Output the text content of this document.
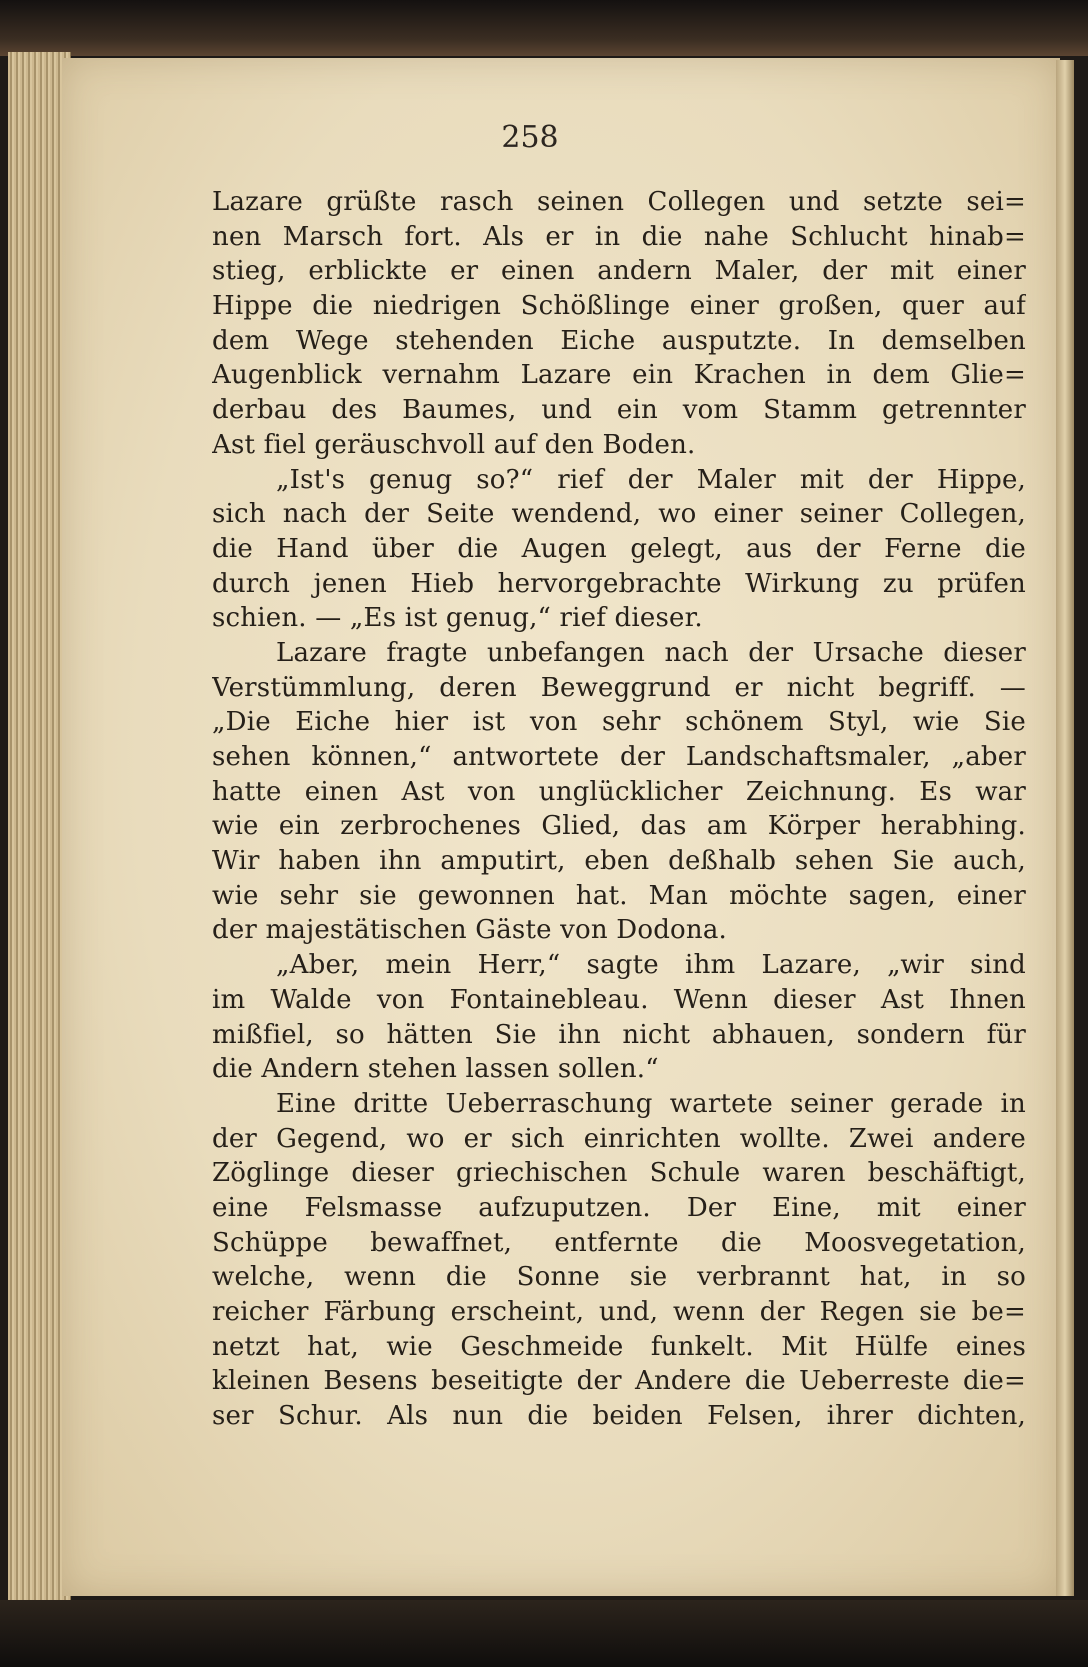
258
Lazare grüßte rasch seinen Collegen und setzte sei=
nen Marsch fort. Als er in die nahe Schlucht hinab=
stieg, erblickte er einen andern Maler, der mit einer
Hippe die niedrigen Schößlinge einer großen, quer auf
dem Wege stehenden Eiche ausputzte. In demselben
Augenblick vernahm Lazare ein Krachen in dem Glie=
derbau des Baumes, und ein vom Stamm getrennter
Ast fiel geräuschvoll auf den Boden.
„Ist's genug so?“ rief der Maler mit der Hippe,
sich nach der Seite wendend, wo einer seiner Collegen,
die Hand über die Augen gelegt, aus der Ferne die
durch jenen Hieb hervorgebrachte Wirkung zu prüfen
schien. — „Es ist genug,“ rief dieser.
Lazare fragte unbefangen nach der Ursache dieser
Verstümmlung, deren Beweggrund er nicht begriff. —
„Die Eiche hier ist von sehr schönem Styl, wie Sie
sehen können,“ antwortete der Landschaftsmaler, „aber
hatte einen Ast von unglücklicher Zeichnung. Es war
wie ein zerbrochenes Glied, das am Körper herabhing.
Wir haben ihn amputirt, eben deßhalb sehen Sie auch,
wie sehr sie gewonnen hat. Man möchte sagen, einer
der majestätischen Gäste von Dodona.
„Aber, mein Herr,“ sagte ihm Lazare, „wir sind
im Walde von Fontainebleau. Wenn dieser Ast Ihnen
mißfiel, so hätten Sie ihn nicht abhauen, sondern für
die Andern stehen lassen sollen.“
Eine dritte Ueberraschung wartete seiner gerade in
der Gegend, wo er sich einrichten wollte. Zwei andere
Zöglinge dieser griechischen Schule waren beschäftigt,
eine Felsmasse aufzuputzen. Der Eine, mit einer
Schüppe bewaffnet, entfernte die Moosvegetation,
welche, wenn die Sonne sie verbrannt hat, in so
reicher Färbung erscheint, und, wenn der Regen sie be=
netzt hat, wie Geschmeide funkelt. Mit Hülfe eines
kleinen Besens beseitigte der Andere die Ueberreste die=
ser Schur. Als nun die beiden Felsen, ihrer dichten,
